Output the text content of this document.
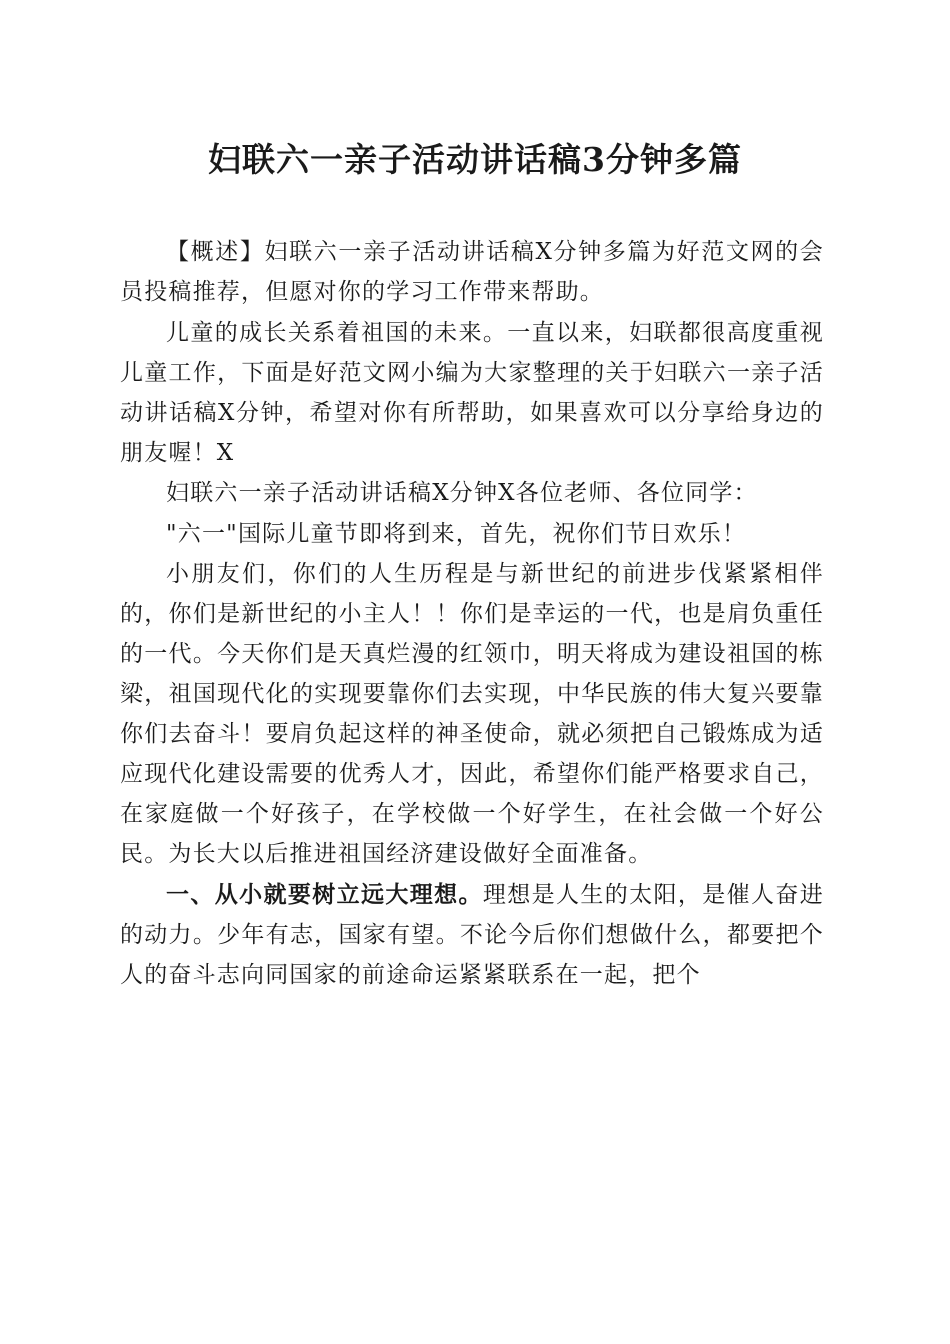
妇联六一亲子活动讲话稿3分钟多篇

【概述】妇联六一亲子活动讲话稿X分钟多篇为好范文网的会员投稿推荐，但愿对你的学习工作带来帮助。

儿童的成长关系着祖国的未来。一直以来，妇联都很高度重视儿童工作，下面是好范文网小编为大家整理的关于妇联六一亲子活动讲话稿X分钟，希望对你有所帮助，如果喜欢可以分享给身边的朋友喔！X

妇联六一亲子活动讲话稿X分钟X各位老师、各位同学：

"六一"国际儿童节即将到来，首先，祝你们节日欢乐！

小朋友们，你们的人生历程是与新世纪的前进步伐紧紧相伴的，你们是新世纪的小主人！！你们是幸运的一代，也是肩负重任的一代。今天你们是天真烂漫的红领巾，明天将成为建设祖国的栋梁，祖国现代化的实现要靠你们去实现，中华民族的伟大复兴要靠你们去奋斗！要肩负起这样的神圣使命，就必须把自己锻炼成为适应现代化建设需要的优秀人才，因此，希望你们能严格要求自己，在家庭做一个好孩子，在学校做一个好学生，在社会做一个好公民。为长大以后推进祖国经济建设做好全面准备。

一、从小就要树立远大理想。理想是人生的太阳，是催人奋进的动力。少年有志，国家有望。不论今后你们想做什么，都要把个人的奋斗志向同国家的前途命运紧紧联系在一起，把个
